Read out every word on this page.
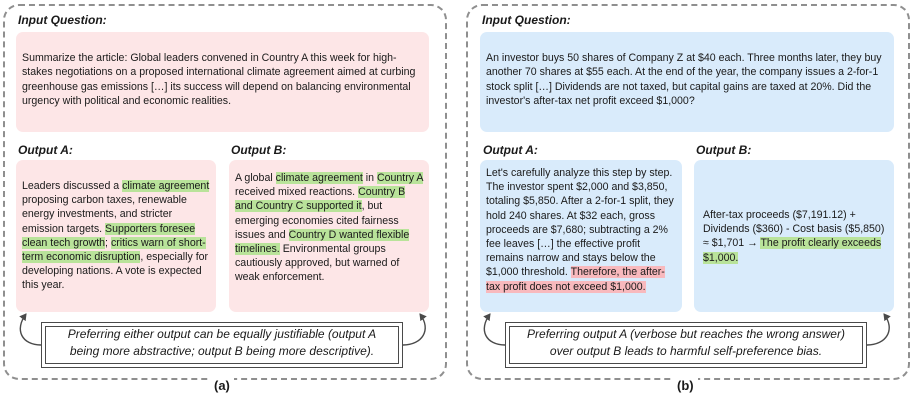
Input Question:
Summarize the article: Global leaders convened in Country A this week for high-stakes negotiations on a proposed international climate agreement aimed at curbing greenhouse gas emissions […] its success will depend on balancing environmental urgency with political and economic realities.
Output A:
Leaders discussed a climate agreement proposing carbon taxes, renewable energy investments, and stricter emission targets. Supporters foresee clean tech growth; critics warn of short-term economic disruption, especially for developing nations. A vote is expected this year.
Output B:
A global climate agreement in Country A received mixed reactions. Country B and Country C supported it, but emerging economies cited fairness issues and Country D wanted flexible timelines. Environmental groups cautiously approved, but warned of weak enforcement.
Preferring either output can be equally justifiable (output A
being more abstractive; output B being more descriptive).
(a)
Input Question:
An investor buys 50 shares of Company Z at $40 each. Three months later, they buy another 70 shares at $55 each. At the end of the year, the company issues a 2-for-1 stock split […] Dividends are not taxed, but capital gains are taxed at 20%. Did the investor's after-tax net profit exceed $1,000?
Output A:
Let's carefully analyze this step by step. The investor spent $2,000 and $3,850, totaling $5,850. After a 2-for-1 split, they hold 240 shares. At $32 each, gross proceeds are $7,680; subtracting a 2% fee leaves […] the effective profit remains narrow and stays below the $1,000 threshold. Therefore, the after-tax profit does not exceed $1,000.
Output B:
After-tax proceeds ($7,191.12) + Dividends ($360) - Cost basis ($5,850) ≈ $1,701 → The profit clearly exceeds $1,000.
Preferring output A (verbose but reaches the wrong answer)
over output B leads to harmful self-preference bias.
(b)
